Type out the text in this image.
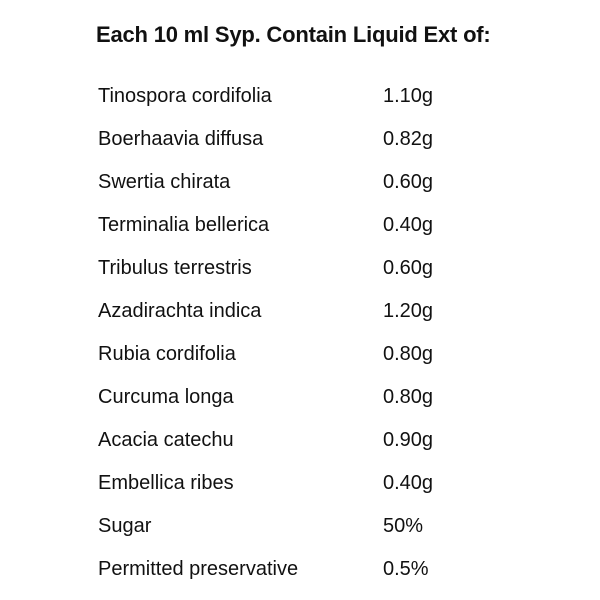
Each 10 ml Syp. Contain Liquid Ext of:
Tinospora cordifolia	1.10g
Boerhaavia diffusa	0.82g
Swertia chirata	0.60g
Terminalia bellerica	0.40g
Tribulus terrestris	0.60g
Azadirachta indica	1.20g
Rubia cordifolia	0.80g
Curcuma longa	0.80g
Acacia catechu	0.90g
Embellica ribes	0.40g
Sugar	50%
Permitted preservative	0.5%
